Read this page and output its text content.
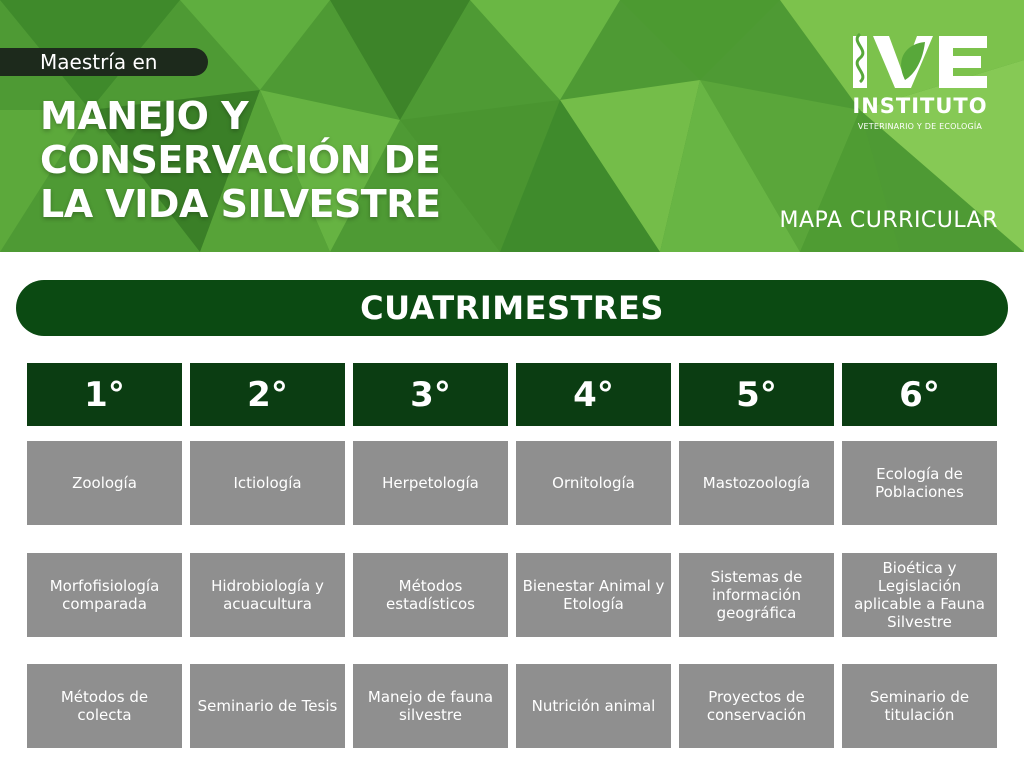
Maestría en
MANEJO Y
CONSERVACIÓN DE
LA VIDA SILVESTRE
INSTITUTO
VETERINARIO Y DE ECOLOGÍA
MAPA CURRICULAR
CUATRIMESTRES
1°
Zoología
Morfofisiología comparada
Métodos de colecta
2°
Ictiología
Hidrobiología y acuacultura
Seminario de Tesis
3°
Herpetología
Métodos estadísticos
Manejo de fauna silvestre
4°
Ornitología
Bienestar Animal y Etología
Nutrición animal
5°
Mastozoología
Sistemas de información geográfica
Proyectos de conservación
6°
Ecología de Poblaciones
Bioética y Legislación aplicable a Fauna Silvestre
Seminario de titulación
